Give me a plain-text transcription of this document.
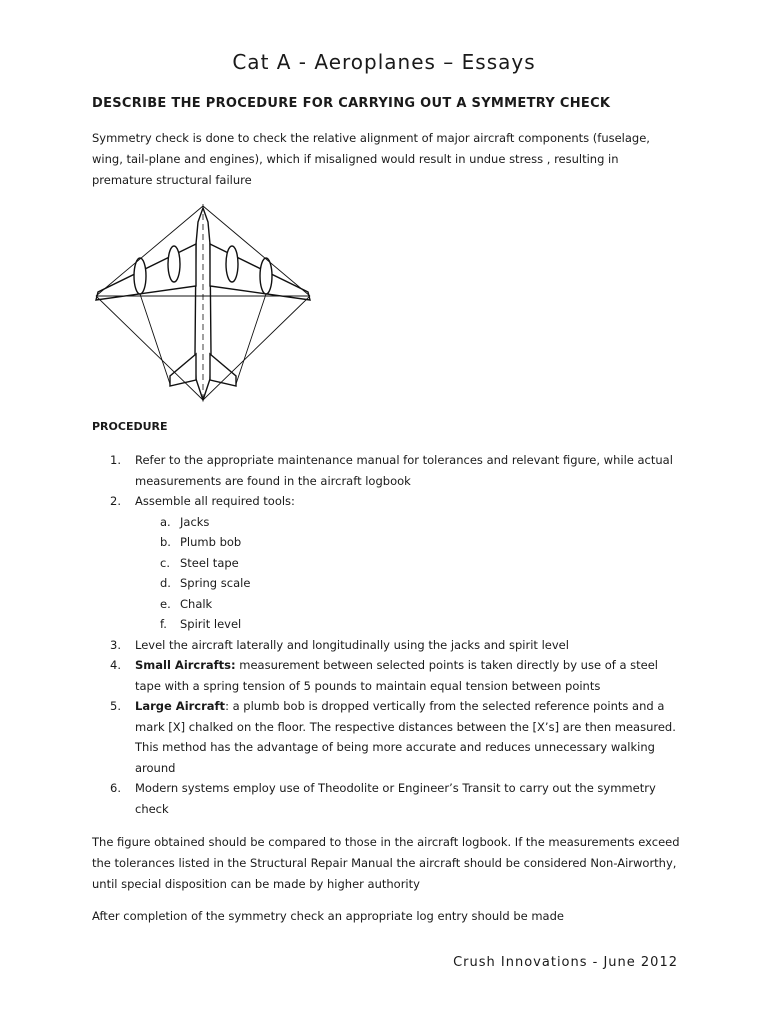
Cat A - Aeroplanes – Essays
DESCRIBE THE PROCEDURE FOR CARRYING OUT A SYMMETRY CHECK
Symmetry check is done to check the relative alignment of major aircraft components (fuselage, wing, tail-plane and engines), which if misaligned would result in undue stress , resulting in premature structural failure
PROCEDURE
1.	Refer to the appropriate maintenance manual for tolerances and relevant figure, while actual measurements are found in the aircraft logbook
2.	Assemble all required tools:
a. Jacks
b. Plumb bob
c. Steel tape
d. Spring scale
e. Chalk
f. Spirit level
3.	Level the aircraft laterally and longitudinally using the jacks and spirit level
4.	Small Aircrafts: measurement between selected points is taken directly by use of a steel tape with a spring tension of 5 pounds to maintain equal tension between points
5.	Large Aircraft: a plumb bob is dropped vertically from the selected reference points and a mark [X] chalked on the floor. The respective distances between the [X’s] are then measured. This method has the advantage of being more accurate and reduces unnecessary walking around
6.	Modern systems employ use of Theodolite or Engineer’s Transit to carry out the symmetry check
The figure obtained should be compared to those in the aircraft logbook. If the measurements exceed the tolerances listed in the Structural Repair Manual the aircraft should be considered Non-Airworthy, until special disposition can be made by higher authority
After completion of the symmetry check an appropriate log entry should be made
Crush Innovations - June 2012
